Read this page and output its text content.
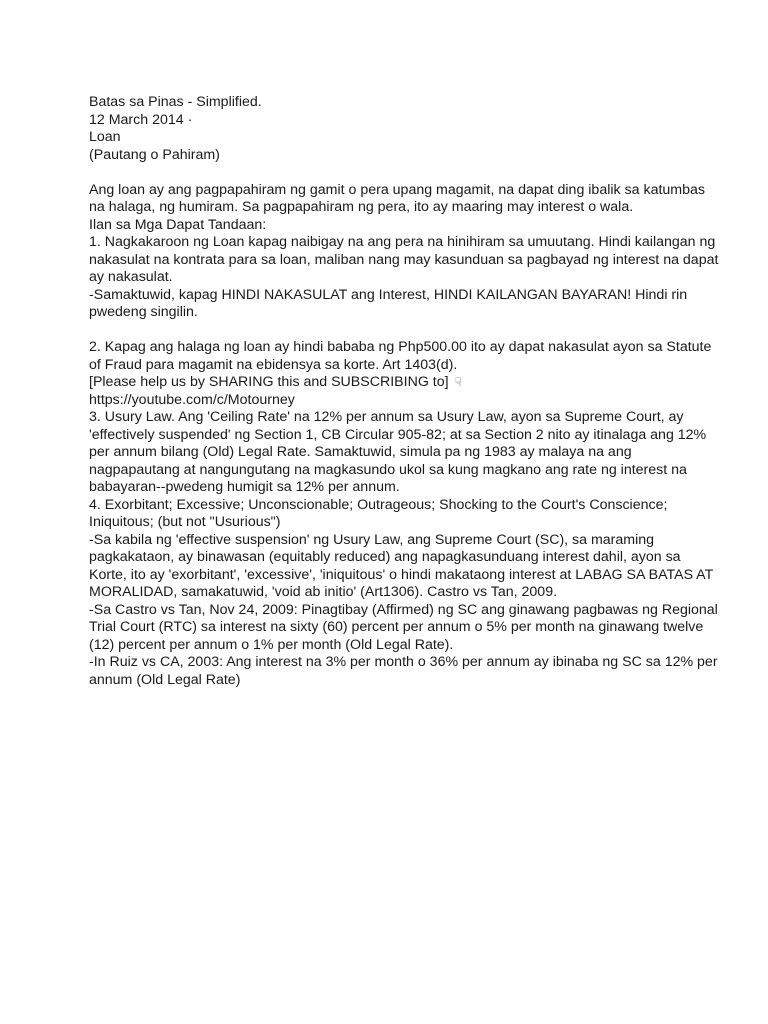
Batas sa Pinas - Simplified.
12 March 2014 ·
Loan
(Pautang o Pahiram)

Ang loan ay ang pagpapahiram ng gamit o pera upang magamit, na dapat ding ibalik sa katumbas na halaga, ng humiram. Sa pagpapahiram ng pera, ito ay maaring may interest o wala.

Ilan sa Mga Dapat Tandaan:

1. Nagkakaroon ng Loan kapag naibigay na ang pera na hinihiram sa umuutang. Hindi kailangan ng nakasulat na kontrata para sa loan, maliban nang may kasunduan sa pagbayad ng interest na dapat ay nakasulat.

-Samaktuwid, kapag HINDI NAKASULAT ang Interest, HINDI KAILANGAN BAYARAN! Hindi rin pwedeng singilin.

2. Kapag ang halaga ng loan ay hindi bababa ng Php500.00 ito ay dapat nakasulat ayon sa Statute of Fraud para magamit na ebidensya sa korte. Art 1403(d).

[Please help us by SHARING this and SUBSCRIBING to] ☟

https://youtube.com/c/Motourney

3. Usury Law. Ang 'Ceiling Rate' na 12% per annum sa Usury Law, ayon sa Supreme Court, ay 'effectively suspended' ng Section 1, CB Circular 905-82; at sa Section 2 nito ay itinalaga ang 12% per annum bilang (Old) Legal Rate. Samaktuwid, simula pa ng 1983 ay malaya na ang nagpapautang at nangungutang na magkasundo ukol sa kung magkano ang rate ng interest na babayaran--pwedeng humigit sa 12% per annum.

4. Exorbitant; Excessive; Unconscionable; Outrageous; Shocking to the Court's Conscience; Iniquitous; (but not "Usurious")

-Sa kabila ng 'effective suspension' ng Usury Law, ang Supreme Court (SC), sa maraming pagkakataon, ay binawasan (equitably reduced) ang napagkasunduang interest dahil, ayon sa Korte, ito ay 'exorbitant', 'excessive', 'iniquitous' o hindi makataong interest at LABAG SA BATAS AT MORALIDAD, samakatuwid, 'void ab initio' (Art1306). Castro vs Tan, 2009.

-Sa Castro vs Tan, Nov 24, 2009: Pinagtibay (Affirmed) ng SC ang ginawang pagbawas ng Regional Trial Court (RTC) sa interest na sixty (60) percent per annum o 5% per month na ginawang twelve (12) percent per annum o 1% per month (Old Legal Rate).

-In Ruiz vs CA, 2003: Ang interest na 3% per month o 36% per annum ay ibinaba ng SC sa 12% per annum (Old Legal Rate)
